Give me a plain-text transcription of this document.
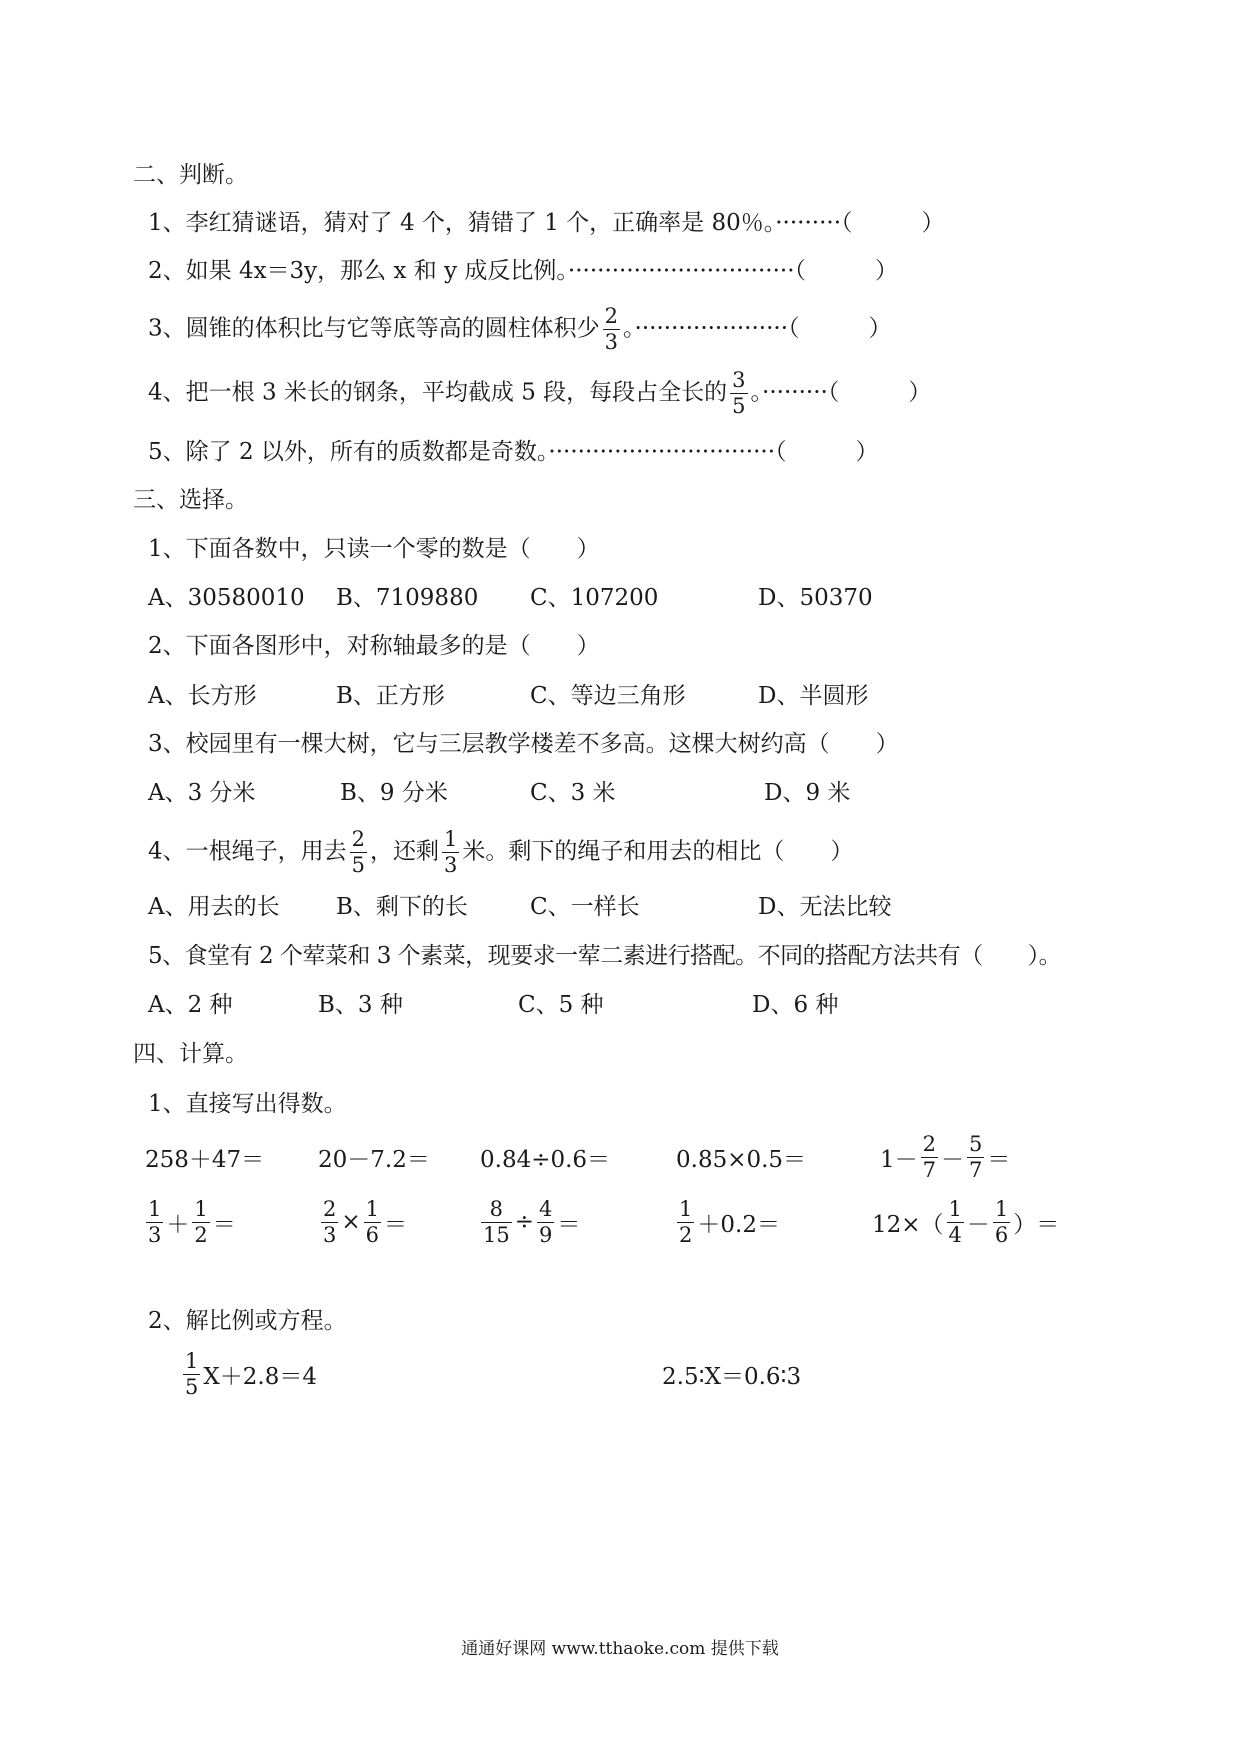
二、判断。
1、李红猜谜语，猜对了 4 个，猜错了 1 个，正确率是 80％。·········（　　　）
2、如果 4x＝3y，那么 x 和 y 成反比例。·······························（　　　）
3、圆锥的体积比与它等底等高的圆柱体积少 $\frac{2}{3}$ 。·····················（　　　）
4、把一根 3 米长的钢条，平均截成 5 段，每段占全长的 $\frac{3}{5}$ 。·········（　　　）
5、除了 2 以外，所有的质数都是奇数。·······························（　　　）
三、选择。
1、下面各数中，只读一个零的数是（　　）
A、30580010 B、7109880 C、107200	D、50370
2、下面各图形中，对称轴最多的是（　　）
A、长方形	B、正方形	C、等边三角形	D、半圆形
3、校园里有一棵大树，它与三层教学楼差不多高。这棵大树约高（　　）
A、3 分米	B、9 分米	C、3 米	D、9 米
4、一根绳子，用去 $\frac{2}{5}$ ，还剩 $\frac{1}{3}$ 米。剩下的绳子和用去的相比（　　）
A、用去的长 B、剩下的长	C、一样长	D、无法比较
5、食堂有 2 个荤菜和 3 个素菜，现要求一荤二素进行搭配。不同的搭配方法共有（　　）。
A、2 种	B、3 种	C、5 种	D、6 种
四、计算。
1、直接写出得数。
258＋47＝ 20－7.2＝ 0.84÷0.6＝	0.85×0.5＝	$1- \frac{2}{7} - \frac{5}{7}$ ＝
$\frac{1}{3} + \frac{1}{2}$ ＝	$\frac{2}{3} \times \frac{1}{6}$ ＝	$\frac{8}{15} \div \frac{4}{9}$ ＝	$\frac{1}{2} +0.2=$	$12\times( \frac{1}{4} - \frac{1}{6}$ ）＝
2、解比例或方程。
$\frac{1}{5} X+2.8=4$	2.5∶X＝0.6∶3
通通好课网 www.tthaoke.com 提供下载
